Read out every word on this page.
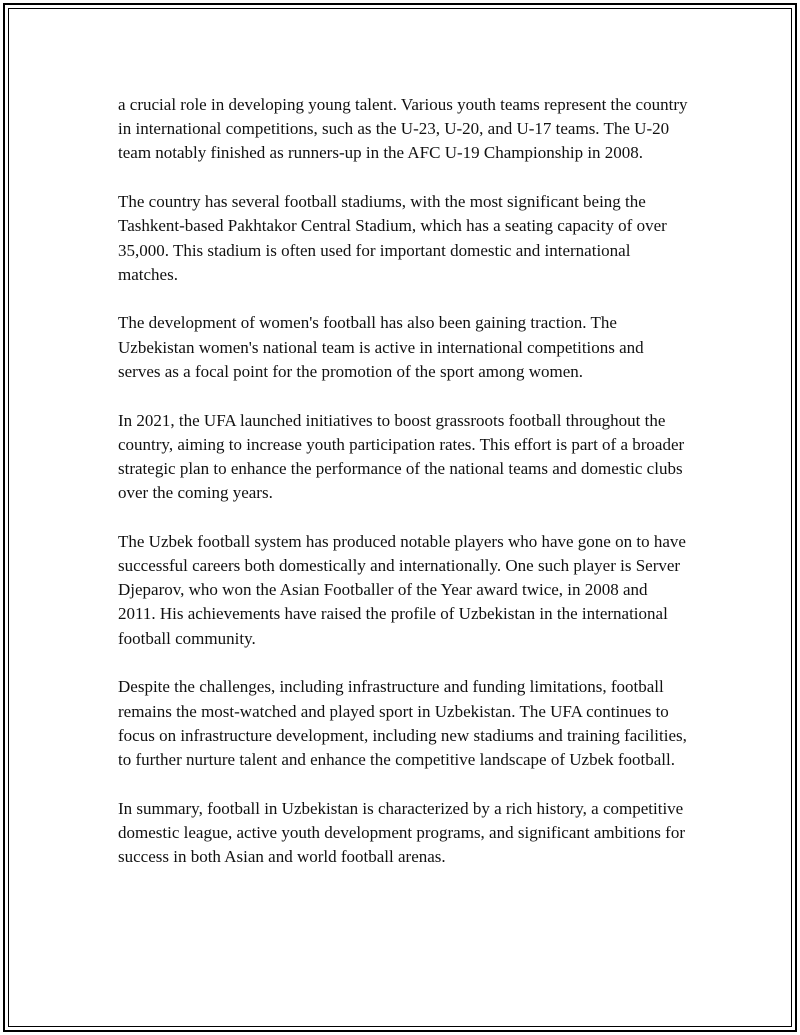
a crucial role in developing young talent. Various youth teams represent the country in international competitions, such as the U-23, U-20, and U-17 teams. The U-20 team notably finished as runners-up in the AFC U-19 Championship in 2008.

The country has several football stadiums, with the most significant being the Tashkent-based Pakhtakor Central Stadium, which has a seating capacity of over 35,000. This stadium is often used for important domestic and international matches.

The development of women's football has also been gaining traction. The Uzbekistan women's national team is active in international competitions and serves as a focal point for the promotion of the sport among women.

In 2021, the UFA launched initiatives to boost grassroots football throughout the country, aiming to increase youth participation rates. This effort is part of a broader strategic plan to enhance the performance of the national teams and domestic clubs over the coming years.

The Uzbek football system has produced notable players who have gone on to have successful careers both domestically and internationally. One such player is Server Djeparov, who won the Asian Footballer of the Year award twice, in 2008 and 2011. His achievements have raised the profile of Uzbekistan in the international football community.

Despite the challenges, including infrastructure and funding limitations, football remains the most-watched and played sport in Uzbekistan. The UFA continues to focus on infrastructure development, including new stadiums and training facilities, to further nurture talent and enhance the competitive landscape of Uzbek football.

In summary, football in Uzbekistan is characterized by a rich history, a competitive domestic league, active youth development programs, and significant ambitions for success in both Asian and world football arenas.
